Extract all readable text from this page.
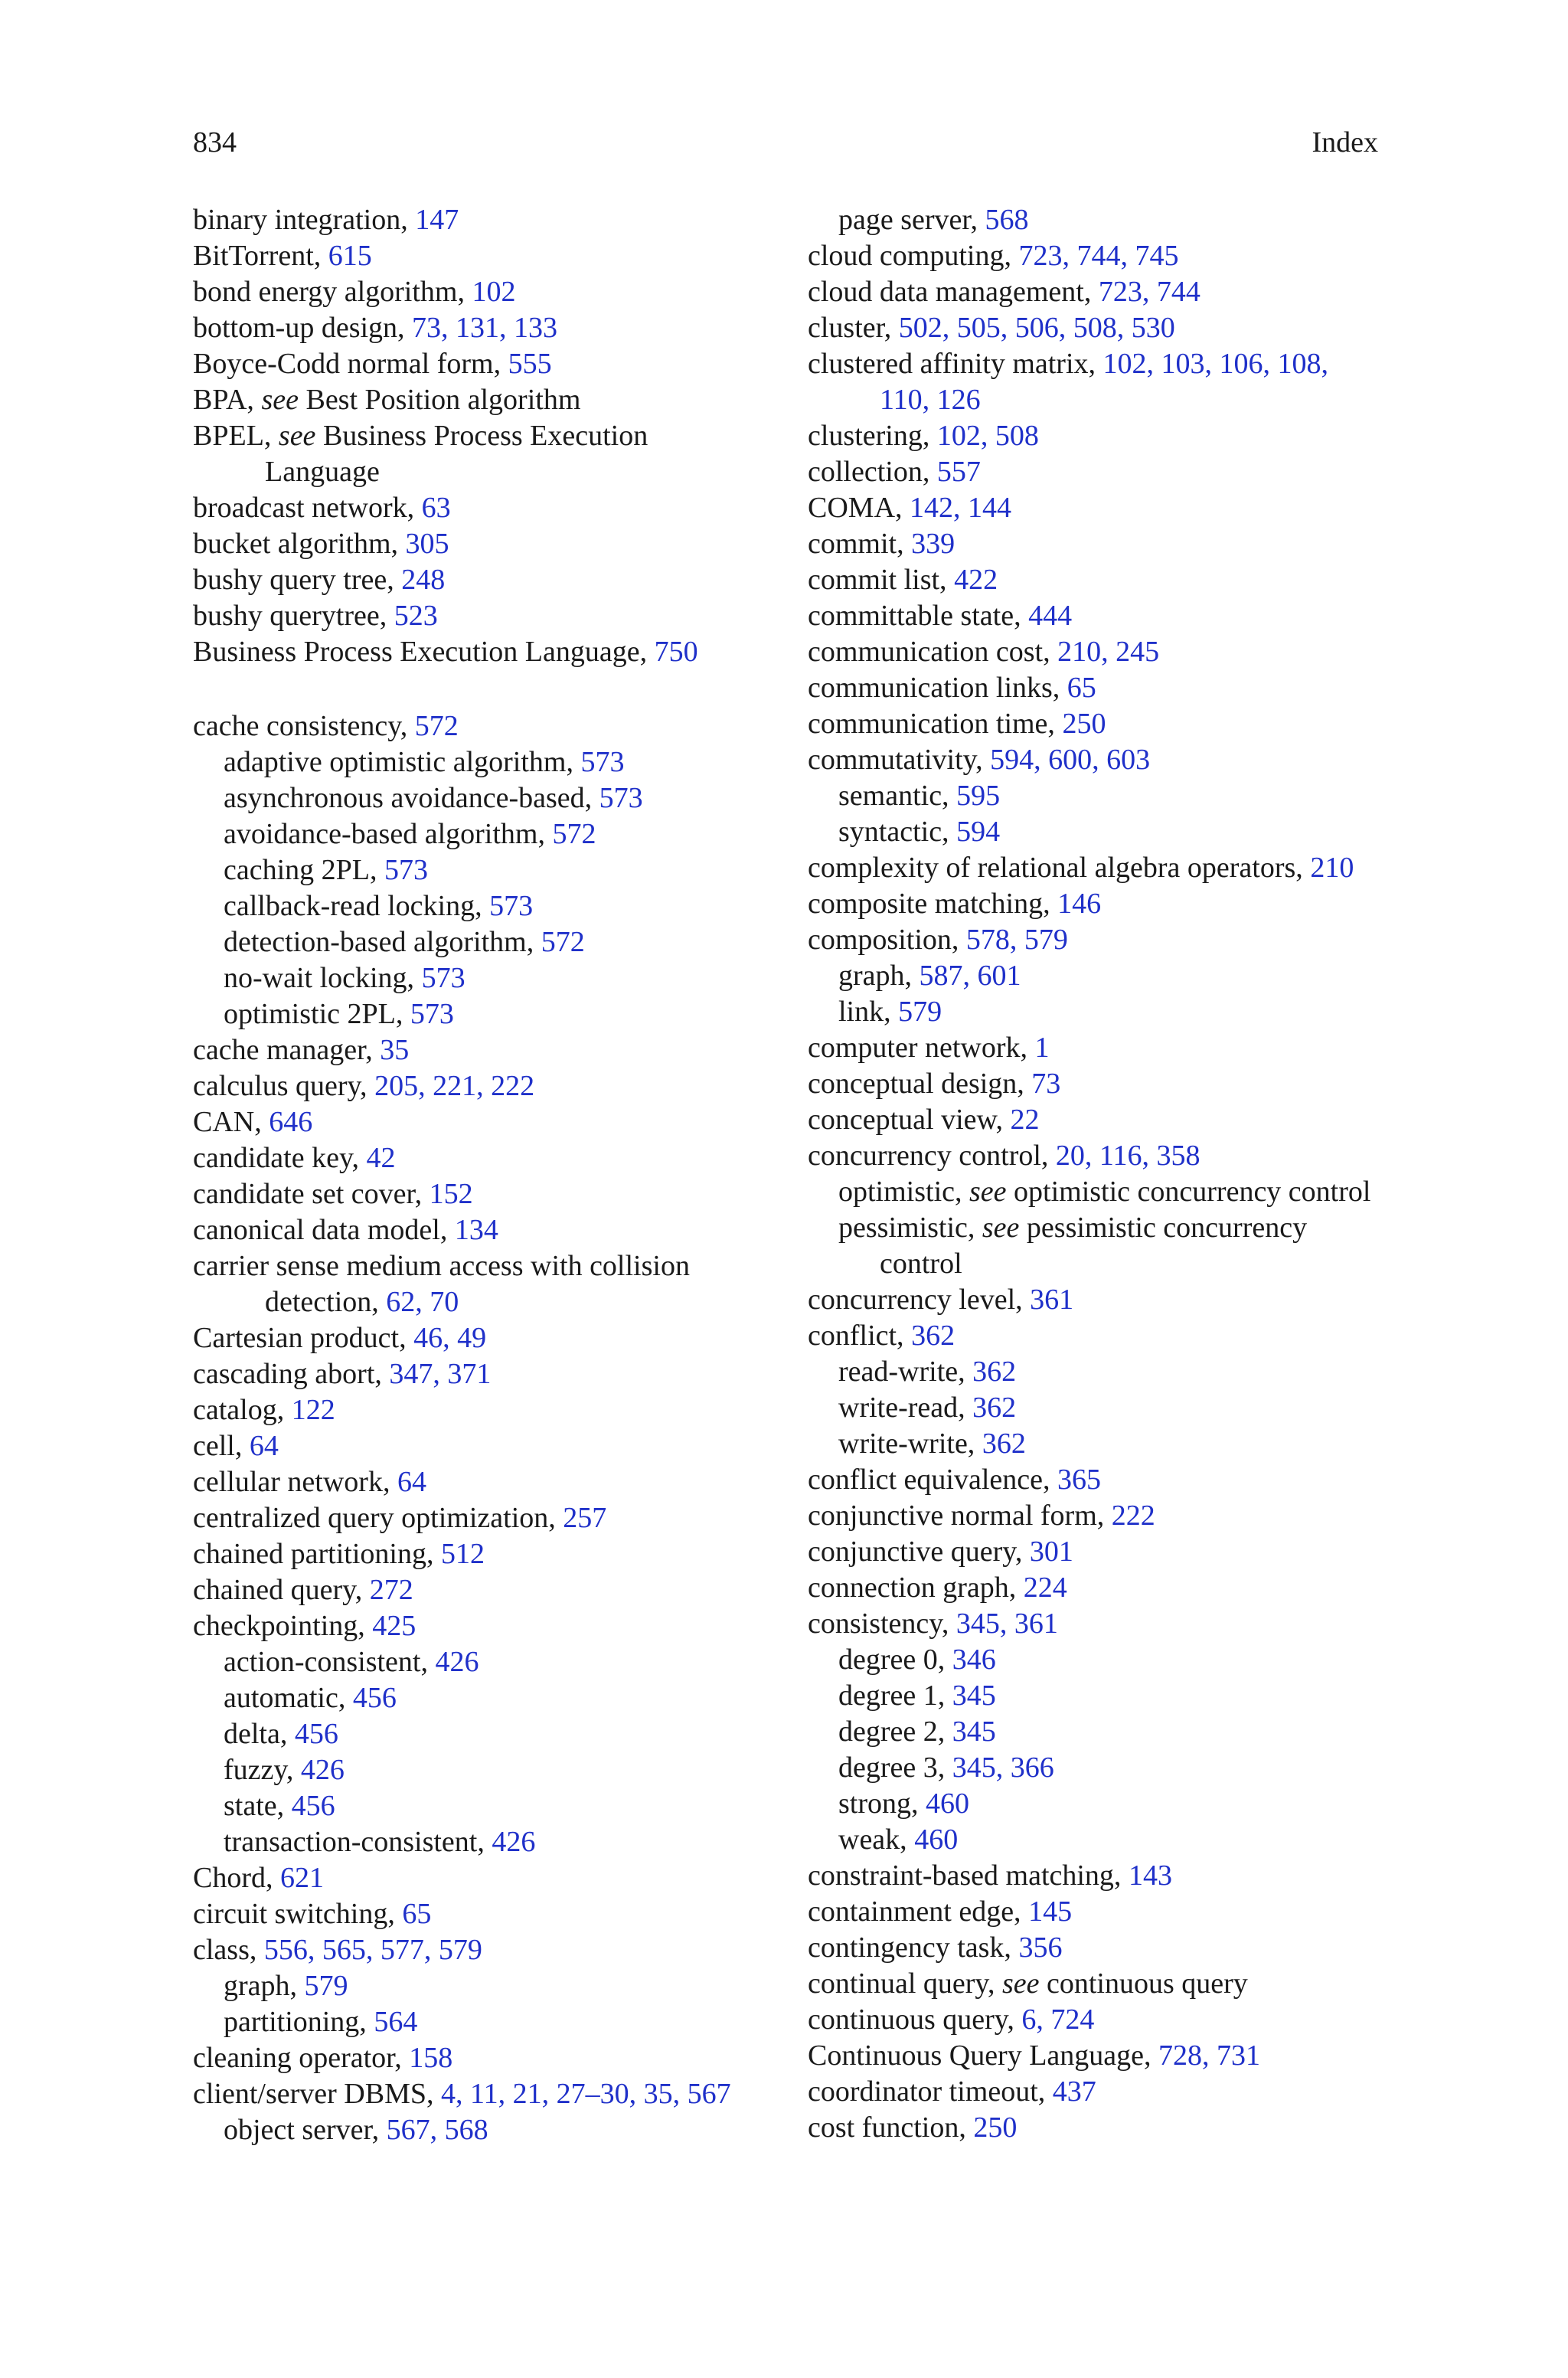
834	Index
binary integration, 147
BitTorrent, 615
bond energy algorithm, 102
bottom-up design, 73, 131, 133
Boyce-Codd normal form, 555
BPA, see Best Position algorithm
BPEL, see Business Process Execution
Language
broadcast network, 63
bucket algorithm, 305
bushy query tree, 248
bushy querytree, 523
Business Process Execution Language, 750
cache consistency, 572
adaptive optimistic algorithm, 573
asynchronous avoidance-based, 573
avoidance-based algorithm, 572
caching 2PL, 573
callback-read locking, 573
detection-based algorithm, 572
no-wait locking, 573
optimistic 2PL, 573
cache manager, 35
calculus query, 205, 221, 222
CAN, 646
candidate key, 42
candidate set cover, 152
canonical data model, 134
carrier sense medium access with collision
detection, 62, 70
Cartesian product, 46, 49
cascading abort, 347, 371
catalog, 122
cell, 64
cellular network, 64
centralized query optimization, 257
chained partitioning, 512
chained query, 272
checkpointing, 425
action-consistent, 426
automatic, 456
delta, 456
fuzzy, 426
state, 456
transaction-consistent, 426
Chord, 621
circuit switching, 65
class, 556, 565, 577, 579
graph, 579
partitioning, 564
cleaning operator, 158
client/server DBMS, 4, 11, 21, 27–30, 35, 567
object server, 567, 568
page server, 568
cloud computing, 723, 744, 745
cloud data management, 723, 744
cluster, 502, 505, 506, 508, 530
clustered affinity matrix, 102, 103, 106, 108,
110, 126
clustering, 102, 508
collection, 557
COMA, 142, 144
commit, 339
commit list, 422
committable state, 444
communication cost, 210, 245
communication links, 65
communication time, 250
commutativity, 594, 600, 603
semantic, 595
syntactic, 594
complexity of relational algebra operators, 210
composite matching, 146
composition, 578, 579
graph, 587, 601
link, 579
computer network, 1
conceptual design, 73
conceptual view, 22
concurrency control, 20, 116, 358
optimistic, see optimistic concurrency control
pessimistic, see pessimistic concurrency
control
concurrency level, 361
conflict, 362
read-write, 362
write-read, 362
write-write, 362
conflict equivalence, 365
conjunctive normal form, 222
conjunctive query, 301
connection graph, 224
consistency, 345, 361
degree 0, 346
degree 1, 345
degree 2, 345
degree 3, 345, 366
strong, 460
weak, 460
constraint-based matching, 143
containment edge, 145
contingency task, 356
continual query, see continuous query
continuous query, 6, 724
Continuous Query Language, 728, 731
coordinator timeout, 437
cost function, 250
